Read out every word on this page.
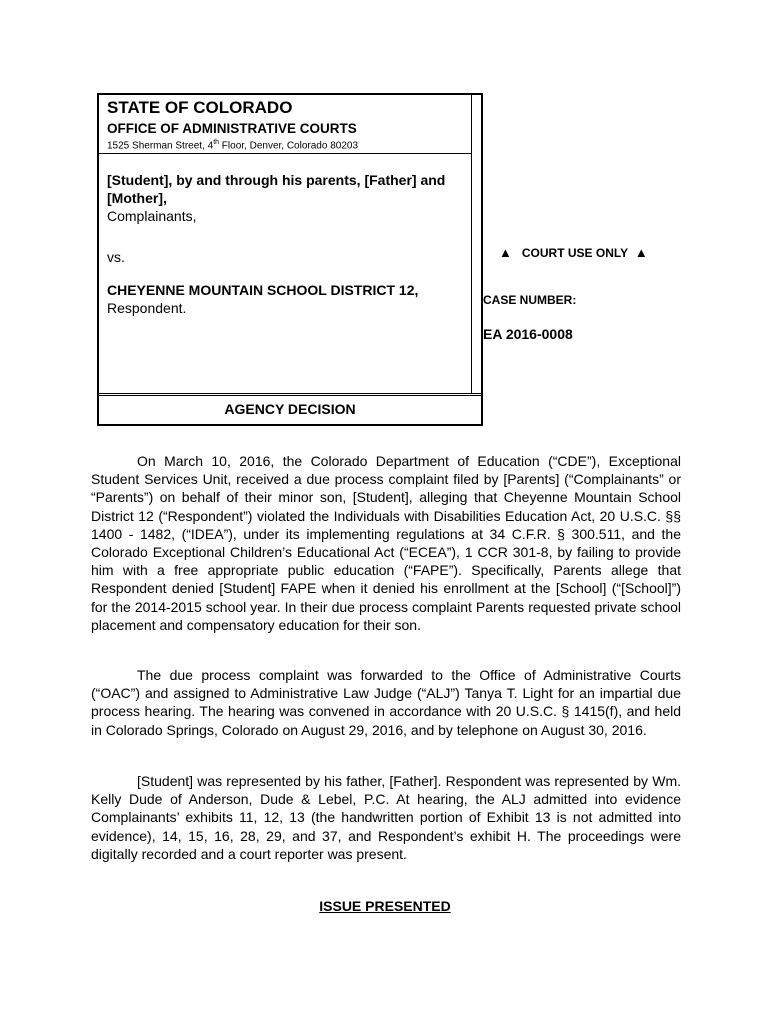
STATE OF COLORADO
OFFICE OF ADMINISTRATIVE COURTS
1525 Sherman Street, 4th Floor, Denver, Colorado 80203
[Student], by and through his parents, [Father] and [Mother],
Complainants,
vs.
CHEYENNE MOUNTAIN SCHOOL DISTRICT 12,
Respondent.
▲ COURT USE ONLY ▲
CASE NUMBER:
EA 2016-0008
AGENCY DECISION

On March 10, 2016, the Colorado Department of Education (“CDE”), Exceptional Student Services Unit, received a due process complaint filed by [Parents] (“Complainants” or “Parents”) on behalf of their minor son, [Student], alleging that Cheyenne Mountain School District 12 (“Respondent”) violated the Individuals with Disabilities Education Act, 20 U.S.C. §§ 1400 - 1482, (“IDEA”), under its implementing regulations at 34 C.F.R. § 300.511, and the Colorado Exceptional Children’s Educational Act (“ECEA”), 1 CCR 301-8, by failing to provide him with a free appropriate public education (“FAPE”). Specifically, Parents allege that Respondent denied [Student] FAPE when it denied his enrollment at the [School] (“[School]”) for the 2014-2015 school year. In their due process complaint Parents requested private school placement and compensatory education for their son.

The due process complaint was forwarded to the Office of Administrative Courts (“OAC”) and assigned to Administrative Law Judge (“ALJ”) Tanya T. Light for an impartial due process hearing. The hearing was convened in accordance with 20 U.S.C. § 1415(f), and held in Colorado Springs, Colorado on August 29, 2016, and by telephone on August 30, 2016.

[Student] was represented by his father, [Father]. Respondent was represented by Wm. Kelly Dude of Anderson, Dude & Lebel, P.C. At hearing, the ALJ admitted into evidence Complainants’ exhibits 11, 12, 13 (the handwritten portion of Exhibit 13 is not admitted into evidence), 14, 15, 16, 28, 29, and 37, and Respondent’s exhibit H. The proceedings were digitally recorded and a court reporter was present.

ISSUE PRESENTED
